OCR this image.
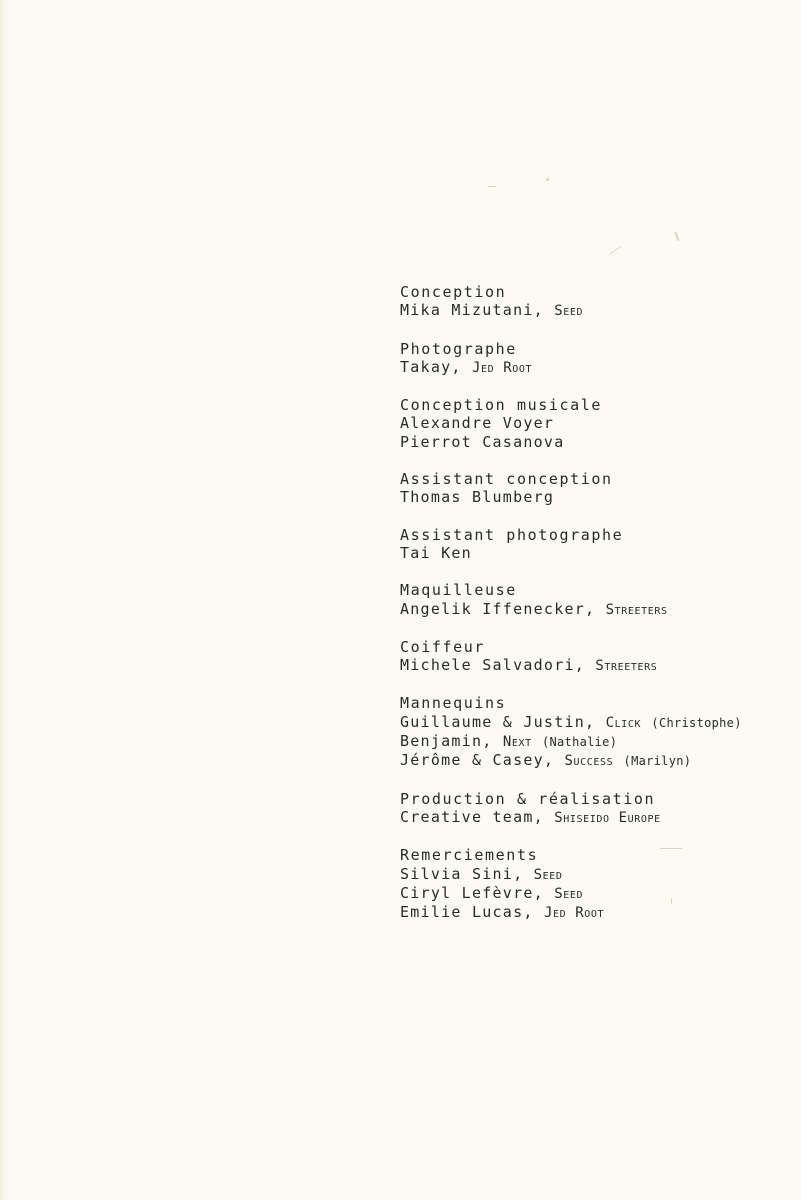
Conception
Mika Mizutani, Seed
Photographe
Takay, Jed Root
Conception musicale
Alexandre Voyer
Pierrot Casanova
Assistant conception
Thomas Blumberg
Assistant photographe
Tai Ken
Maquilleuse
Angelik Iffenecker, Streeters
Coiffeur
Michele Salvadori, Streeters
Mannequins
Guillaume & Justin, Click (Christophe)
Benjamin, Next (Nathalie)
Jérôme & Casey, Success (Marilyn)
Production & réalisation
Creative team, Shiseido Europe
Remerciements
Silvia Sini, Seed
Ciryl Lefèvre, Seed
Emilie Lucas, Jed Root
